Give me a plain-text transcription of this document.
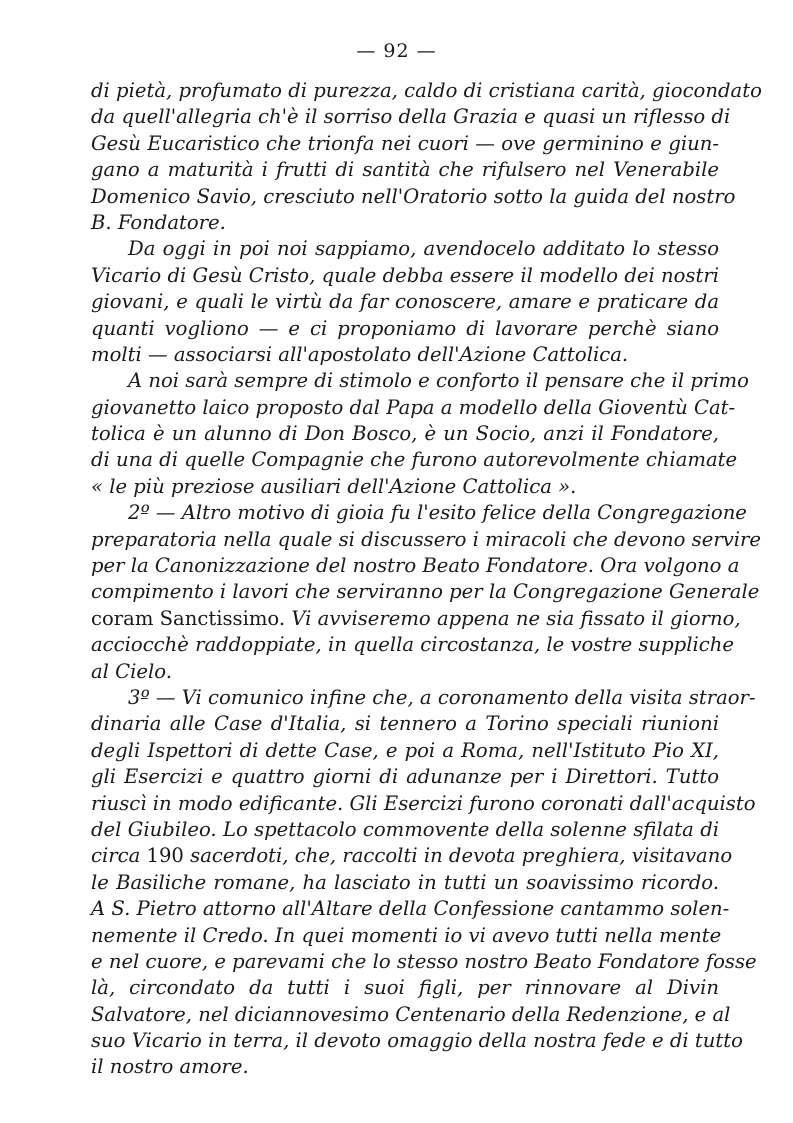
— 92 —
di pietà, profumato di purezza, caldo di cristiana carità, giocondato
da quell'allegria ch'è il sorriso della Grazia e quasi un riflesso di
Gesù Eucaristico che trionfa nei cuori — ove germinino e giun-
gano a maturità i frutti di santità che rifulsero nel Venerabile
Domenico Savio, cresciuto nell'Oratorio sotto la guida del nostro
B. Fondatore.
Da oggi in poi noi sappiamo, avendocelo additato lo stesso
Vicario di Gesù Cristo, quale debba essere il modello dei nostri
giovani, e quali le virtù da far conoscere, amare e praticare da
quanti vogliono — e ci proponiamo di lavorare perchè siano
molti — associarsi all'apostolato dell'Azione Cattolica.
A noi sarà sempre di stimolo e conforto il pensare che il primo
giovanetto laico proposto dal Papa a modello della Gioventù Cat-
tolica è un alunno di Don Bosco, è un Socio, anzi il Fondatore,
di una di quelle Compagnie che furono autorevolmente chiamate
« le più preziose ausiliari dell'Azione Cattolica ».
2º — Altro motivo di gioia fu l'esito felice della Congregazione
preparatoria nella quale si discussero i miracoli che devono servire
per la Canonizzazione del nostro Beato Fondatore. Ora volgono a
compimento i lavori che serviranno per la Congregazione Generale
coram Sanctissimo. Vi avviseremo appena ne sia fissato il giorno,
acciocchè raddoppiate, in quella circostanza, le vostre suppliche
al Cielo.
3º — Vi comunico infine che, a coronamento della visita straor-
dinaria alle Case d'Italia, si tennero a Torino speciali riunioni
degli Ispettori di dette Case, e poi a Roma, nell'Istituto Pio XI,
gli Esercizi e quattro giorni di adunanze per i Direttori. Tutto
riuscì in modo edificante. Gli Esercizi furono coronati dall'acquisto
del Giubileo. Lo spettacolo commovente della solenne sfilata di
circa 190 sacerdoti, che, raccolti in devota preghiera, visitavano
le Basiliche romane, ha lasciato in tutti un soavissimo ricordo.
A S. Pietro attorno all'Altare della Confessione cantammo solen-
nemente il Credo. In quei momenti io vi avevo tutti nella mente
e nel cuore, e parevami che lo stesso nostro Beato Fondatore fosse
là, circondato da tutti i suoi figli, per rinnovare al Divin
Salvatore, nel diciannovesimo Centenario della Redenzione, e al
suo Vicario in terra, il devoto omaggio della nostra fede e di tutto
il nostro amore.
